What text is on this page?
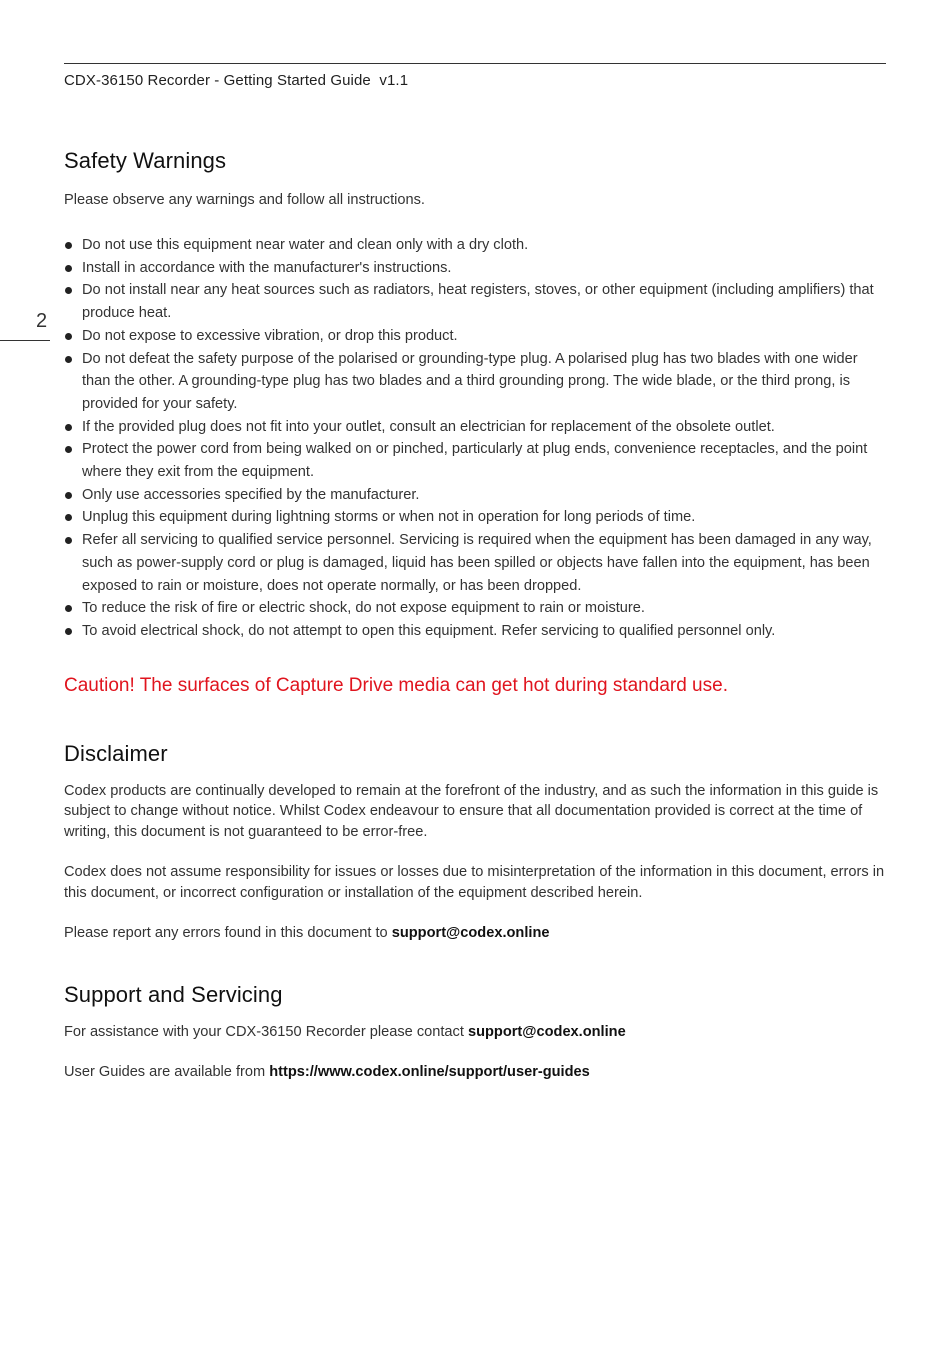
CDX-36150 Recorder - Getting Started Guide  v1.1
2
Safety Warnings

Please observe any warnings and follow all instructions.

Do not use this equipment near water and clean only with a dry cloth.
Install in accordance with the manufacturer's instructions.
Do not install near any heat sources such as radiators, heat registers, stoves, or other equipment (including amplifiers) that produce heat.
Do not expose to excessive vibration, or drop this product.
Do not defeat the safety purpose of the polarised or grounding-type plug. A polarised plug has two blades with one wider than the other. A grounding-type plug has two blades and a third grounding prong. The wide blade, or the third prong, is provided for your safety.
If the provided plug does not fit into your outlet, consult an electrician for replacement of the obsolete outlet.
Protect the power cord from being walked on or pinched, particularly at plug ends, convenience receptacles, and the point where they exit from the equipment.
Only use accessories specified by the manufacturer.
Unplug this equipment during lightning storms or when not in operation for long periods of time.
Refer all servicing to qualified service personnel. Servicing is required when the equipment has been damaged in any way, such as power-supply cord or plug is damaged, liquid has been spilled or objects have fallen into the equipment, has been exposed to rain or moisture, does not operate normally, or has been dropped.
To reduce the risk of fire or electric shock, do not expose equipment to rain or moisture.
To avoid electrical shock, do not attempt to open this equipment. Refer servicing to qualified personnel only.

Caution! The surfaces of Capture Drive media can get hot during standard use.

Disclaimer

Codex products are continually developed to remain at the forefront of the industry, and as such the information in this guide is subject to change without notice. Whilst Codex endeavour to ensure that all documentation provided is correct at the time of writing, this document is not guaranteed to be error-free.

Codex does not assume responsibility for issues or losses due to misinterpretation of the information in this document, errors in this document, or incorrect configuration or installation of the equipment described herein.

Please report any errors found in this document to support@codex.online

Support and Servicing

For assistance with your CDX-36150 Recorder please contact support@codex.online

User Guides are available from https://www.codex.online/support/user-guides
